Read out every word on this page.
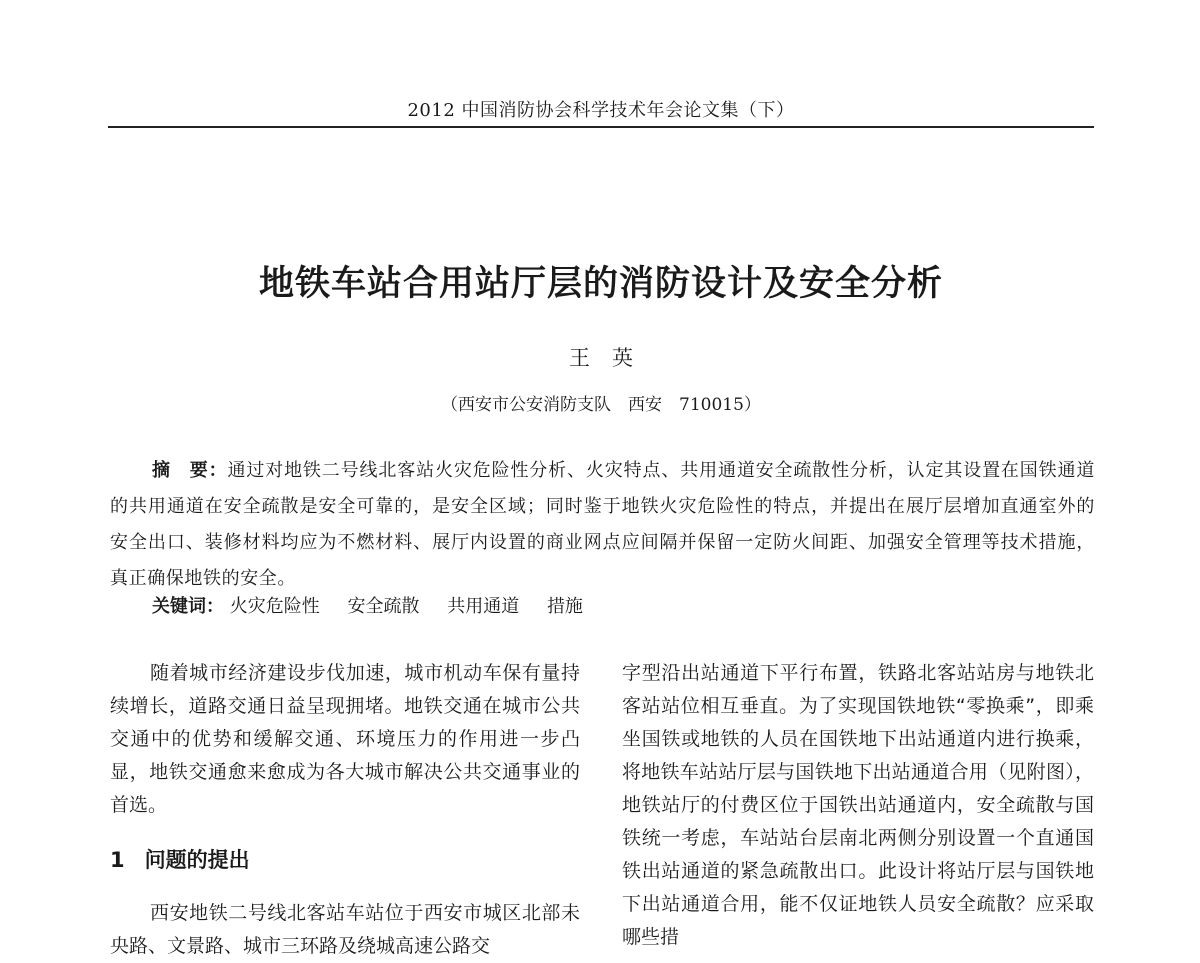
2012 中国消防协会科学技术年会论文集（下）
地铁车站合用站厅层的消防设计及安全分析
王英
（西安市公安消防支队　西安　710015）
摘　要：通过对地铁二号线北客站火灾危险性分析、火灾特点、共用通道安全疏散性分析，认定其设置在国铁通道的共用通道在安全疏散是安全可靠的，是安全区域；同时鉴于地铁火灾危险性的特点，并提出在展厅层增加直通室外的安全出口、装修材料均应为不燃材料、展厅内设置的商业网点应间隔并保留一定防火间距、加强安全管理等技术措施，真正确保地铁的安全。
关键词： 火灾危险性 安全疏散 共用通道 措施

随着城市经济建设步伐加速，城市机动车保有量持续增长，道路交通日益呈现拥堵。地铁交通在城市公共交通中的优势和缓解交通、环境压力的作用进一步凸显，地铁交通愈来愈成为各大城市解决公共交通事业的首选。

1 问题的提出

西安地铁二号线北客站车站位于西安市城区北部未央路、文景路、城市三环路及绕城高速公路交

字型沿出站通道下平行布置，铁路北客站站房与地铁北客站站位相互垂直。为了实现国铁地铁“零换乘”，即乘坐国铁或地铁的人员在国铁地下出站通道内进行换乘，将地铁车站站厅层与国铁地下出站通道合用（见附图），地铁站厅的付费区位于国铁出站通道内，安全疏散与国铁统一考虑，车站站台层南北两侧分别设置一个直通国铁出站通道的紧急疏散出口。此设计将站厅层与国铁地下出站通道合用，能不仅证地铁人员安全疏散？应采取哪些措
